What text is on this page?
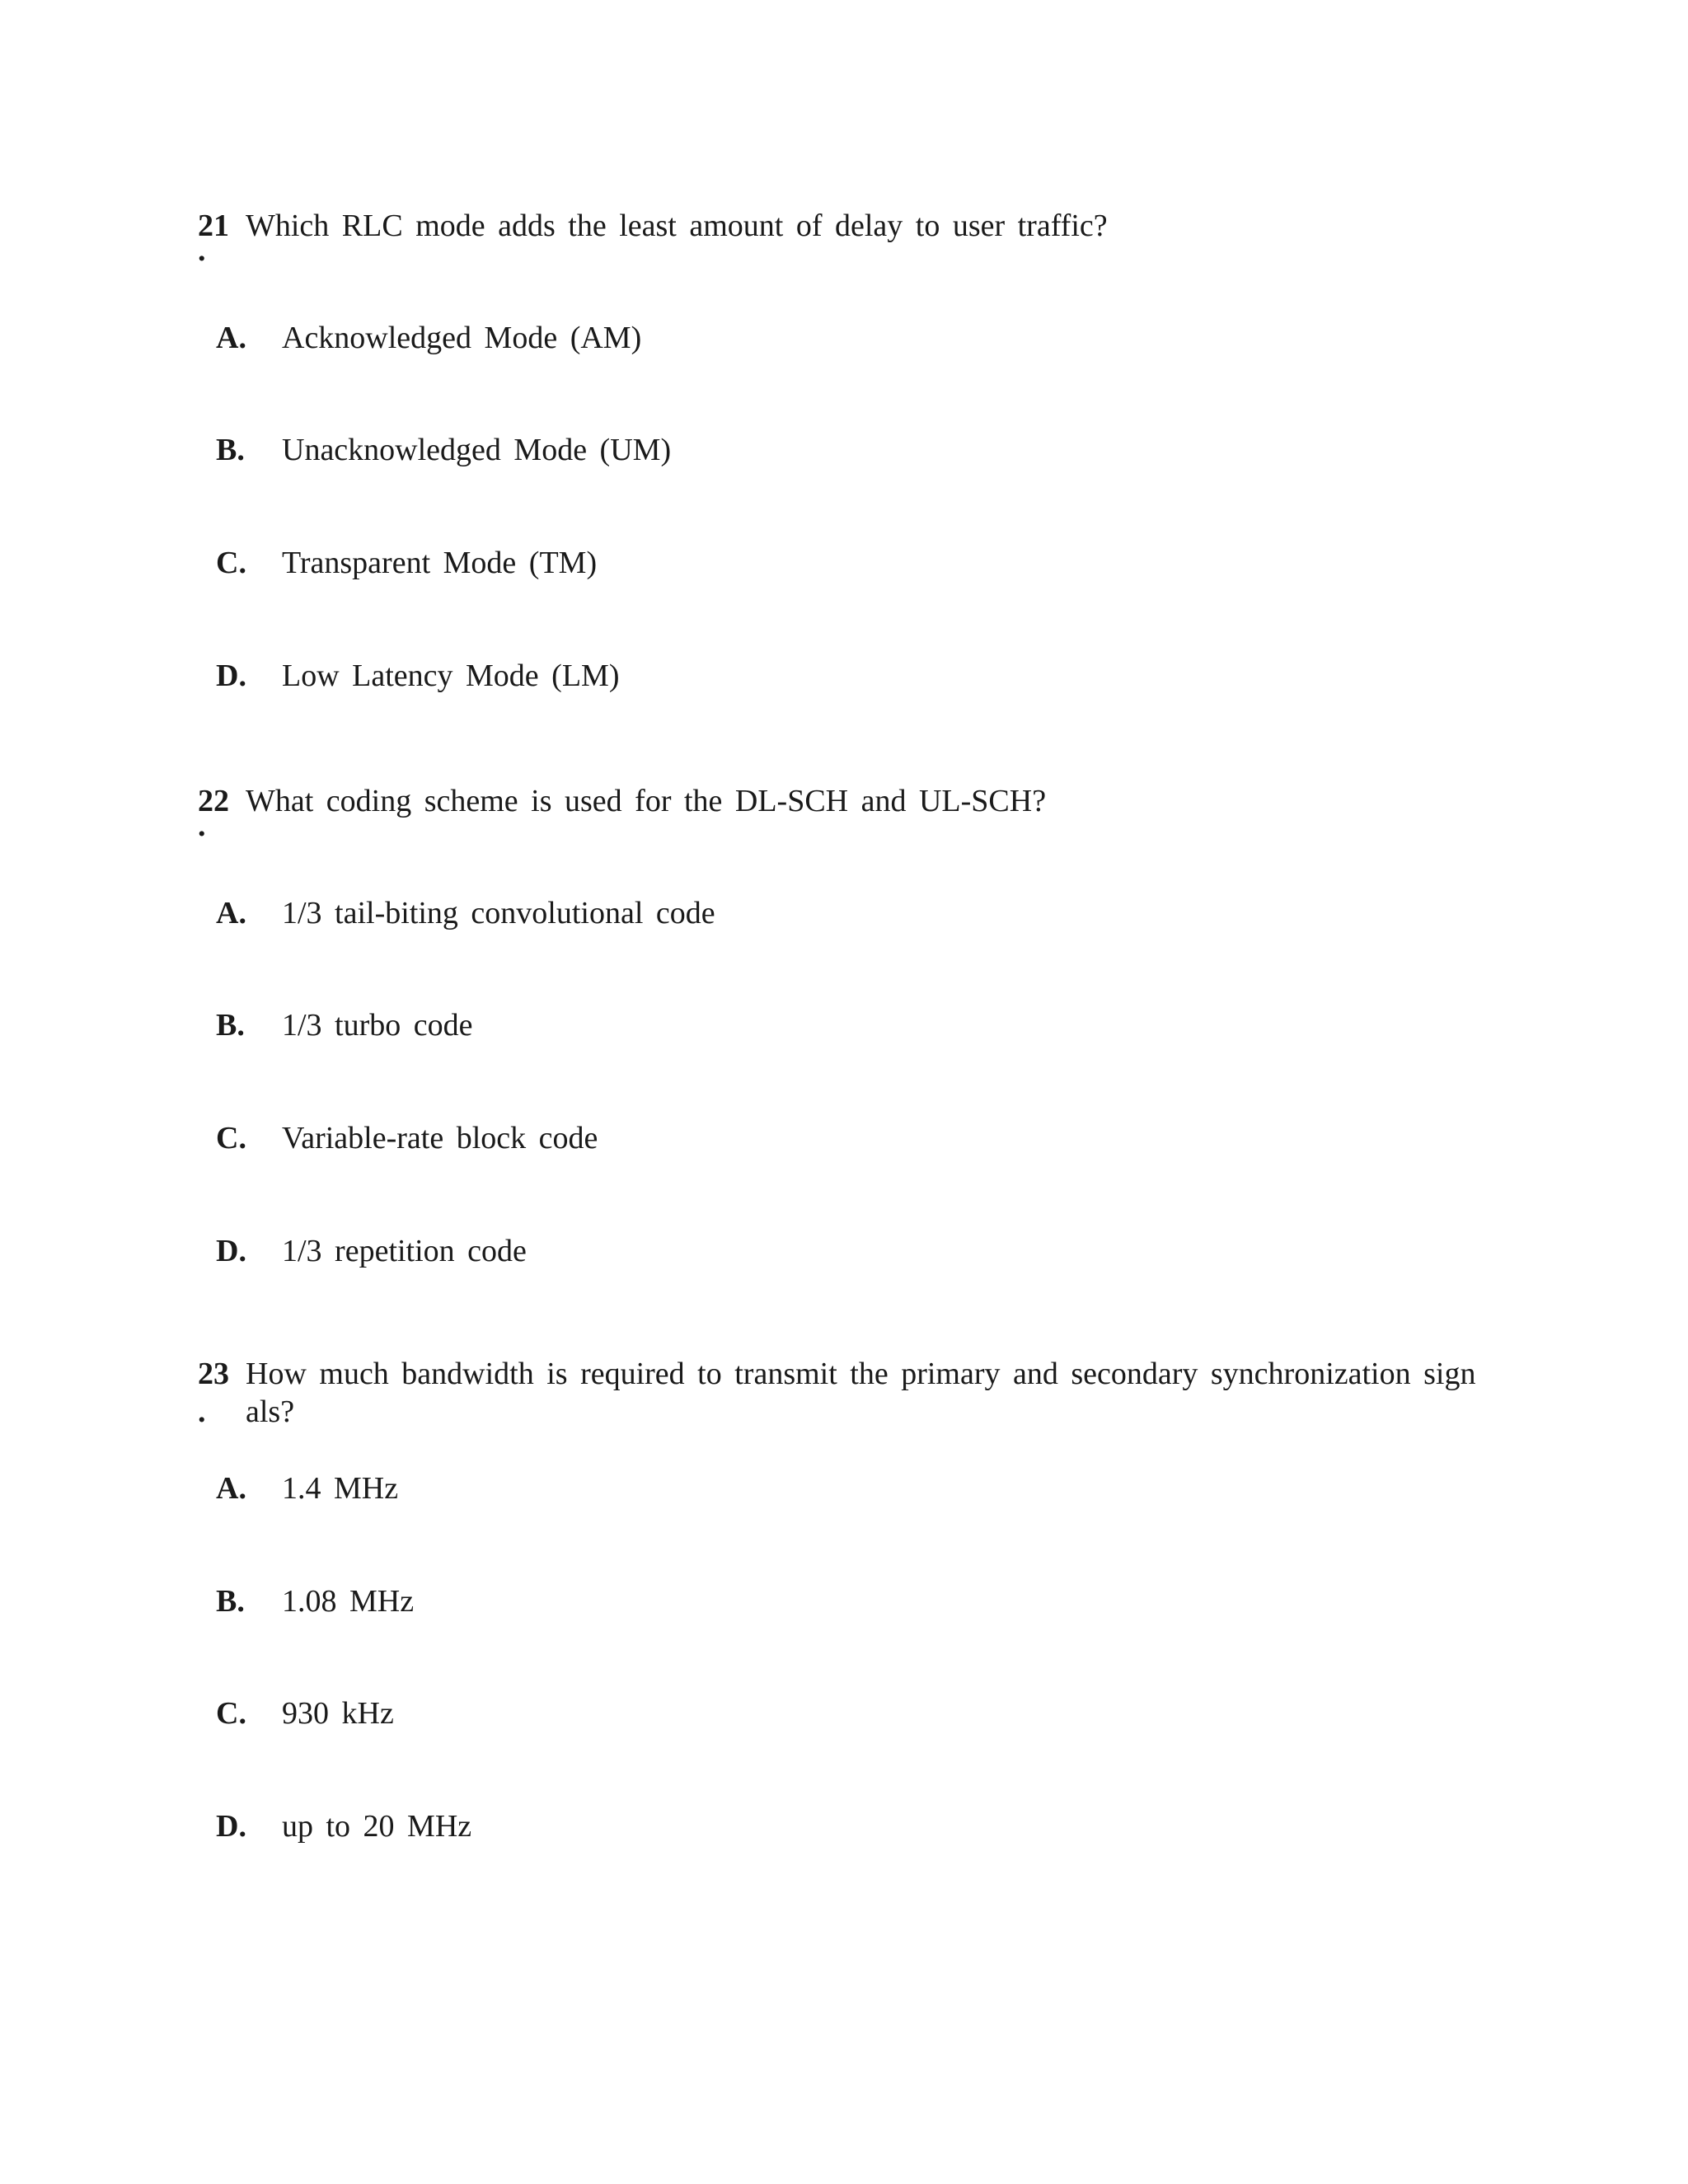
21 Which RLC mode adds the least amount of delay to user traffic?
.
A. Acknowledged Mode (AM)
B. Unacknowledged Mode (UM)
C. Transparent Mode (TM)
D. Low Latency Mode (LM)
22 What coding scheme is used for the DL-SCH and UL-SCH?
.
A. 1/3 tail-biting convolutional code
B. 1/3 turbo code
C. Variable-rate block code
D. 1/3 repetition code
23 How much bandwidth is required to transmit the primary and secondary synchronization sign
. als?
A. 1.4 MHz
B. 1.08 MHz
C. 930 kHz
D. up to 20 MHz
